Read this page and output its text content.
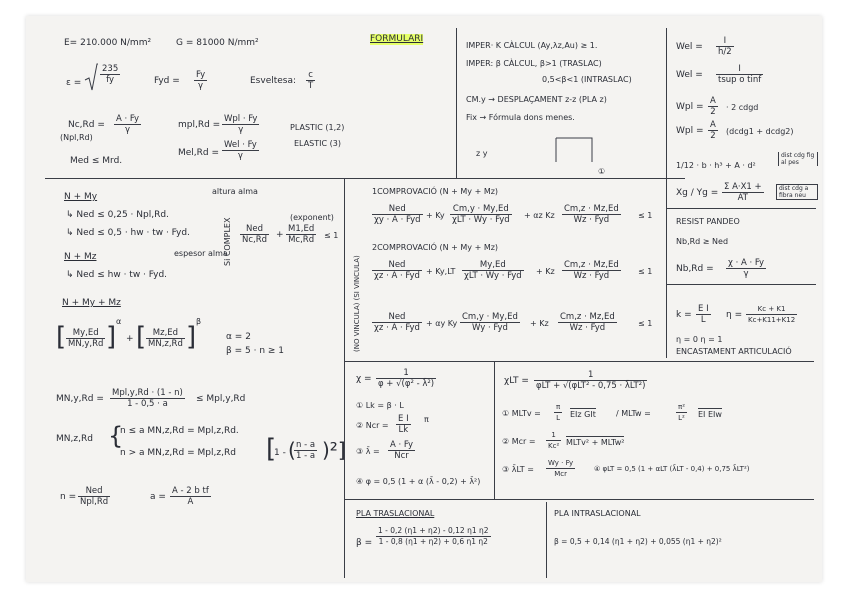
E= 210.000 N/mm²	G = 81000 N/mm²	FORMULARI
$\varepsilon = \frac{235}{fy}$	Fyd = $\frac{Fy}{\gamma}$	Esveltesa: $\frac{c}{T}$
Nc,Rd =
(Npl,Rd)
$\frac{A \cdot Fy}{\gamma}$	mpl,Rd =
Wpl · Fy
γ	PLASTIC (1,2)
ELASTIC (3)
Mel,Rd =
Wel · Fy
γ
Med ≤ Mrd.
IMPER· K CÀLCUL (Ay,λz,Au) ≥ 1.
IMPER: β CÀLCUL, β>1 (TRASLAC)
0,5<β<1 (INTRASLAC)
CM.y → DESPLAÇAMENT z-z (PLA z)
Fix → Fórmula dons menes.
z y
①
Wel = $\frac{I}{h/2}$
Wel =
I
tsup o tinf
Wpl = $\frac{A}{2} \cdot 2$ cdgd
Wpl = $\frac{A}{2}$ (dcdg1 + dcdg2)
1/12 · b · h³ + A · d²
dist cdg fig al pes
$Xg / Yg = \frac{\text{Σ A·X1 +}}{AT}$	dist cdg a fibra neu
RESIST PANDEO
Nb,Rd ≥ Ned
$Nb,Rd = \frac{\chi \cdot A \cdot Fy}{\gamma}$
$k = \frac{\text{E I}}{L}$ $\eta = \frac{Kc + K1}{Kc+K11+K12}$
η = 0 η = 1
ENCASTAMENT ARTICULACIÓ
N + My
altura alma
↳ Ned ≤ 0,25 · Npl,Rd.
↳ Ned ≤ 0,5 · hw · tw · Fyd.
espesor alma
N + Mz
↳ Ned ≤ hw · tw · Fyd.
Si COMPLEX	Ned
$Nc,Rd + \frac{M1,Ed}{Mc,Rd} \le 1$
(exponent)
N + My + Mz
[ $\frac{My,Ed}{MN,y,Rd}$ ]
α
+ [ $\frac{Mz,Ed}{MN,z,Rd}$ ]
β
α = 2
β = 5 · n ≥ 1
MN,y,Rd =
Mpl,y,Rd · (1 - n)
1 - 0,5 · a	≤ Mpl,y,Rd
MN,z,Rd {
n ≤ a MN,z,Rd = Mpl,z,Rd.
n > a MN,z,Rd = Mpl,z,Rd [
1 - (
$\frac{n - a}{1 - a} )^2$]
n =
Ned
Npl,Rd	$a = \frac{\text{A - 2 b tf}}{A}$
(NO VINCULA) (SI VINCULA)
1COMPROVACIÓ (N + My + Mz)
Ned
χy · A · Fyd + Ky
Cm,y · My,Ed
χLT · Wy · Fyd + αz Kz
Cm,z · Mz,Ed
Wz · Fyd	≤ 1
2COMPROVACIÓ (N + My + Mz)
Ned
χz · A · Fyd + Ky,LT
My,Ed
χLT · Wy · Fyd + Kz
Cm,z · Mz,Ed
Wz · Fyd	≤ 1
Ned
χz · A · Fyd + αy Ky
Cm,y · My,Ed
Wy · Fyd	+ Kz
Cm,z · Mz,Ed
Wz · Fyd	≤ 1
$\chi = \frac{1}{\text{φ + √(φ² - λ̄²)}}$
① Lk = β · L
② Ncr =
π
$\frac{\text{E I}}{Lk}$
③ λ̄ =
A · Fy
Ncr
④ φ = 0,5 (1 + α (λ̄ - 0,2) + λ̄²)
χLT =
1
φLT + √(φLT² - 0,75 · λ̄LT²)
① MLTv = $\frac{\pi}{L}$ EIz GIt	/ MLTw =	$\frac{\text{π²}}{\text{L²}}$ EI EIw
② Mcr = $\frac{1}{\text{Kc²}}$ MLTv² + MLTw²
③ λ̄LT =
Wy · Fy
Mcr
④ φLT = 0,5 (1 + αLT (λ̄LT - 0,4) + 0,75 λ̄LT²)
PLA TRASLACIONAL	PLA INTRASLACIONAL
$\beta = \frac{1 - 0,2 (\eta 1 + \eta 2) - 0,12 \eta 1 \eta 2}{1 - 0,8 (\eta 1 + \eta 2) + 0,6 \eta 1 \eta 2}$	β = 0,5 + 0,14 (η1 + η2) + 0,055 (η1 + η2)²
